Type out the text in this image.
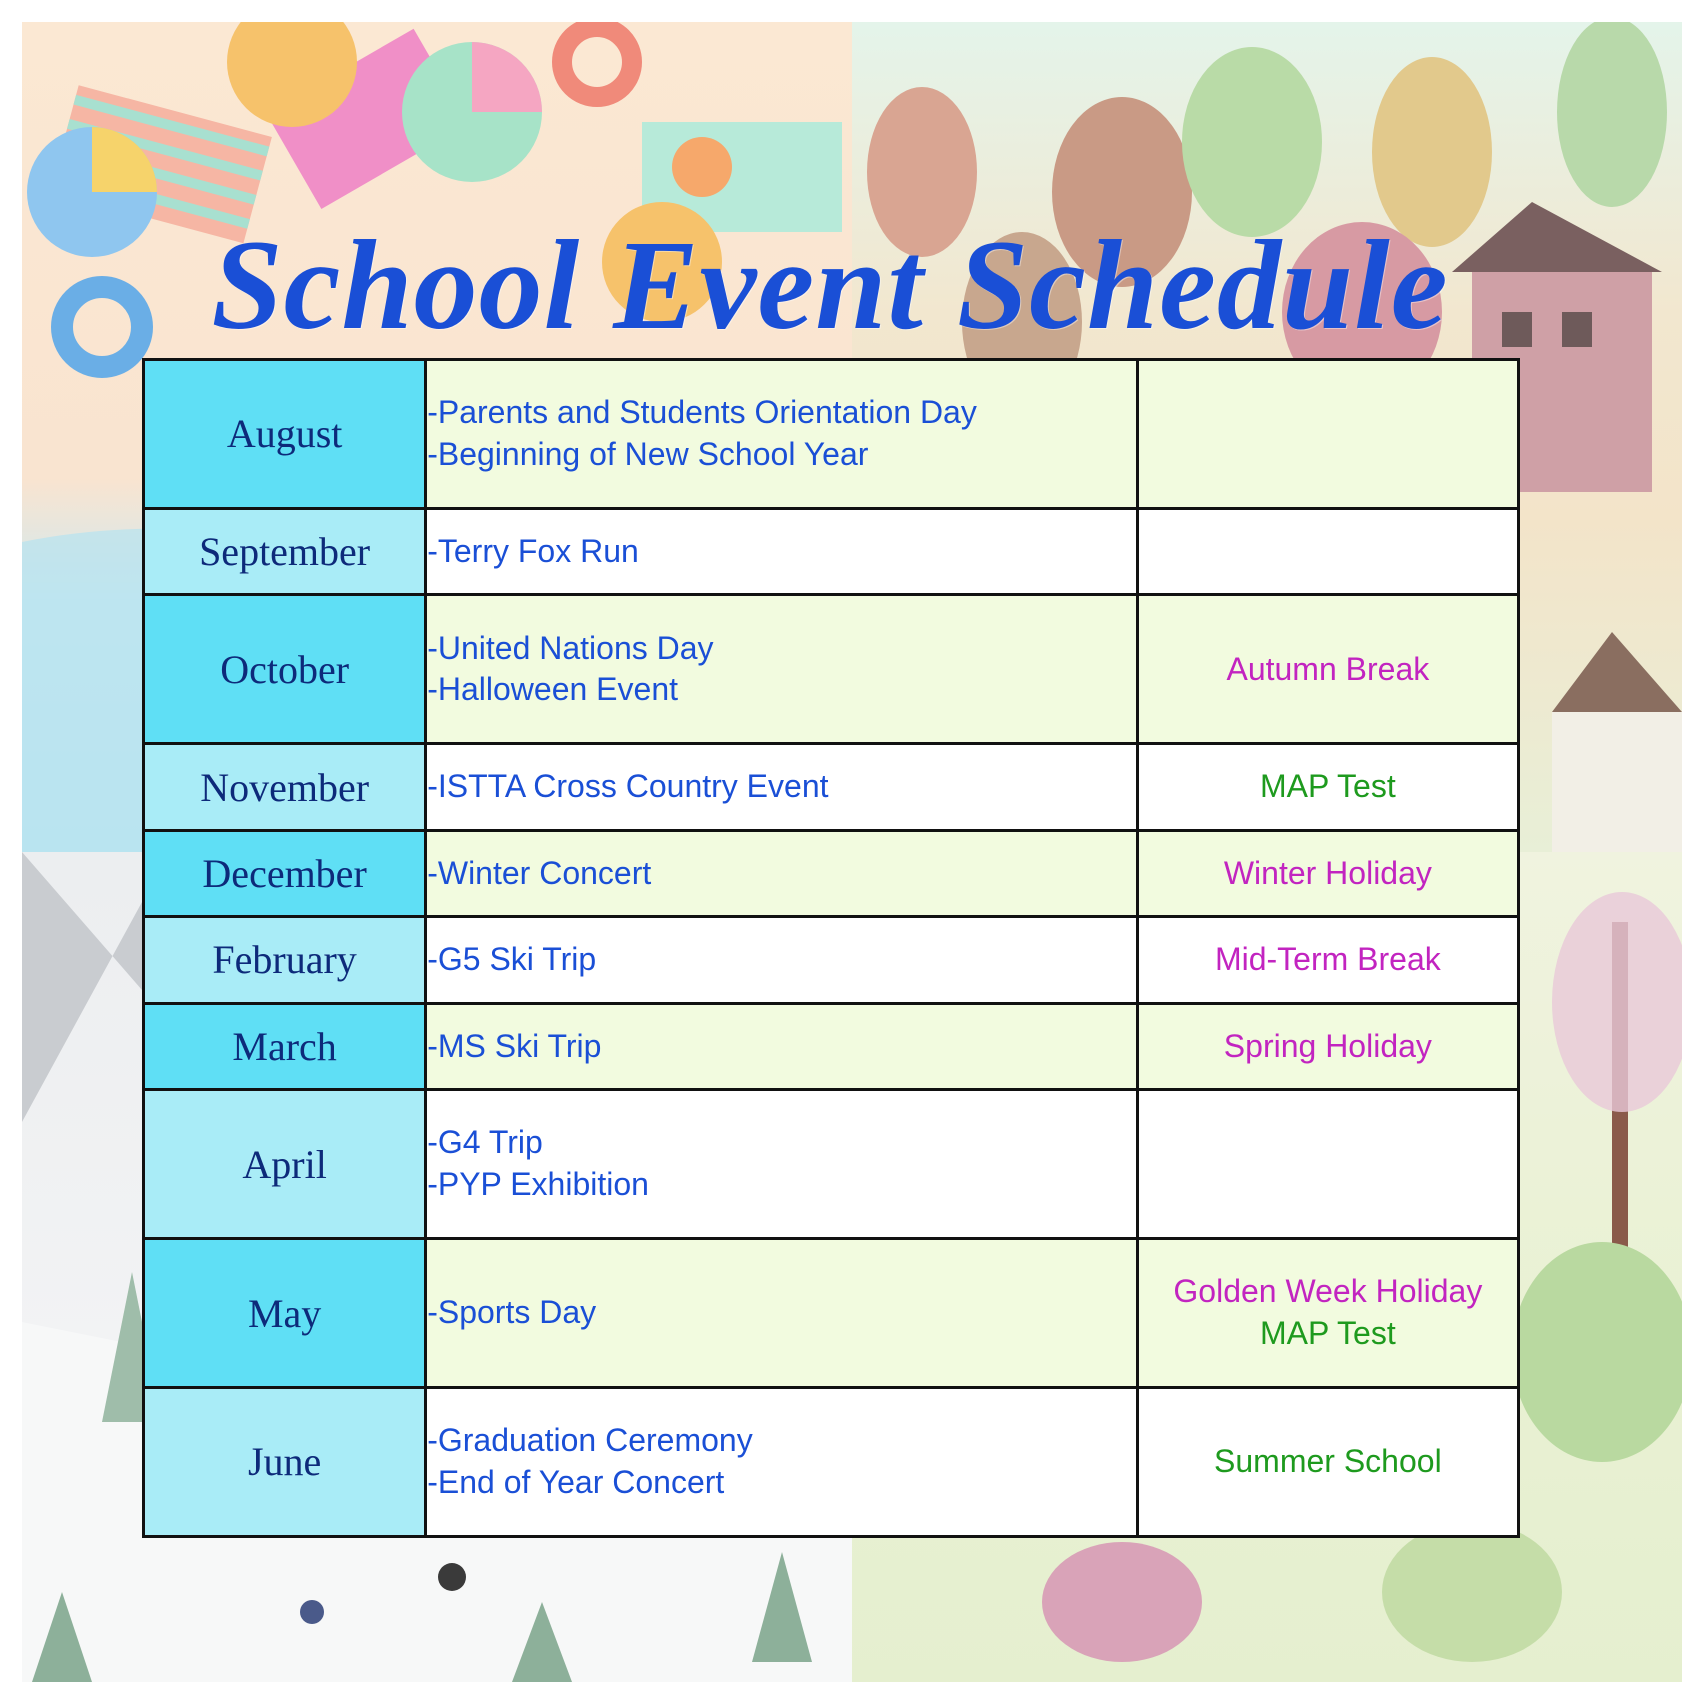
School Event Schedule
August	-Parents and Students Orientation Day
-Beginning of New School Year	

September	-Terry Fox Run	

October	-United Nations Day
-Halloween Event	Autumn Break

November	-ISTTA Cross Country Event	MAP Test

December	-Winter Concert	Winter Holiday

February	-G5 Ski Trip	Mid-Term Break

March	-MS Ski Trip	Spring Holiday

April	-G4 Trip
-PYP Exhibition	

May	-Sports Day	Golden Week Holiday
MAP Test

June	-Graduation Ceremony
-End of Year Concert	Summer School
